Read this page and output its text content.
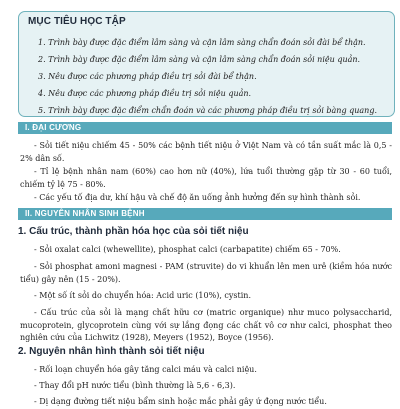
MỤC TIÊU HỌC TẬP
1. Trình bày được đặc điểm lâm sàng và cận lâm sàng chẩn đoán sỏi đài bể thận.
2. Trình bày được đặc điểm lâm sàng và cận lâm sàng chẩn đoán sỏi niệu quản.
3. Nêu được các phương pháp điều trị sỏi đài bể thận.
4. Nêu được các phương pháp điều trị sỏi niệu quản.
5. Trình bày được đặc điểm chẩn đoán và các phương pháp điều trị sỏi bàng quang.
I. ĐẠI CƯƠNG

- Sỏi tiết niệu chiếm 45 - 50% các bệnh tiết niệu ở Việt Nam và có tần suất mắc là 0,5 - 2% dân số.

- Tỉ lệ bệnh nhân nam (60%) cao hơn nữ (40%), lứa tuổi thường gặp từ 30 - 60 tuổi, chiếm tỷ lệ 75 - 80%.

- Các yếu tố địa dư, khí hậu và chế độ ăn uống ảnh hưởng đến sự hình thành sỏi.

II. NGUYÊN NHÂN SINH BỆNH
1. Cấu trúc, thành phần hóa học của sỏi tiết niệu

- Sỏi oxalat calci (whewellite), phosphat calci (carbapatite) chiếm 65 - 70%.

- Sỏi phosphat amoni magnesi - PAM (struvite) do vi khuẩn lên men urê (kiềm hóa nước tiểu) gây nên (15 - 20%).

- Một số ít sỏi do chuyển hóa: Acid uric (10%), cystin.

- Cấu trúc của sỏi là mạng chất hữu cơ (matric organique) như muco polysaccharid, mucoprotein, glycoprotein cùng với sự lắng đọng các chất vô cơ như calci, phosphat theo nghiên cứu của Lichwitz (1928), Meyers (1952), Boyce (1956).

2. Nguyên nhân hình thành sỏi tiết niệu

- Rối loạn chuyển hóa gây tăng calci máu và calci niệu.

- Thay đổi pH nước tiểu (bình thường là 5,6 - 6,3).

- Dị dạng đường tiết niệu bẩm sinh hoặc mắc phải gây ứ đọng nước tiểu.
